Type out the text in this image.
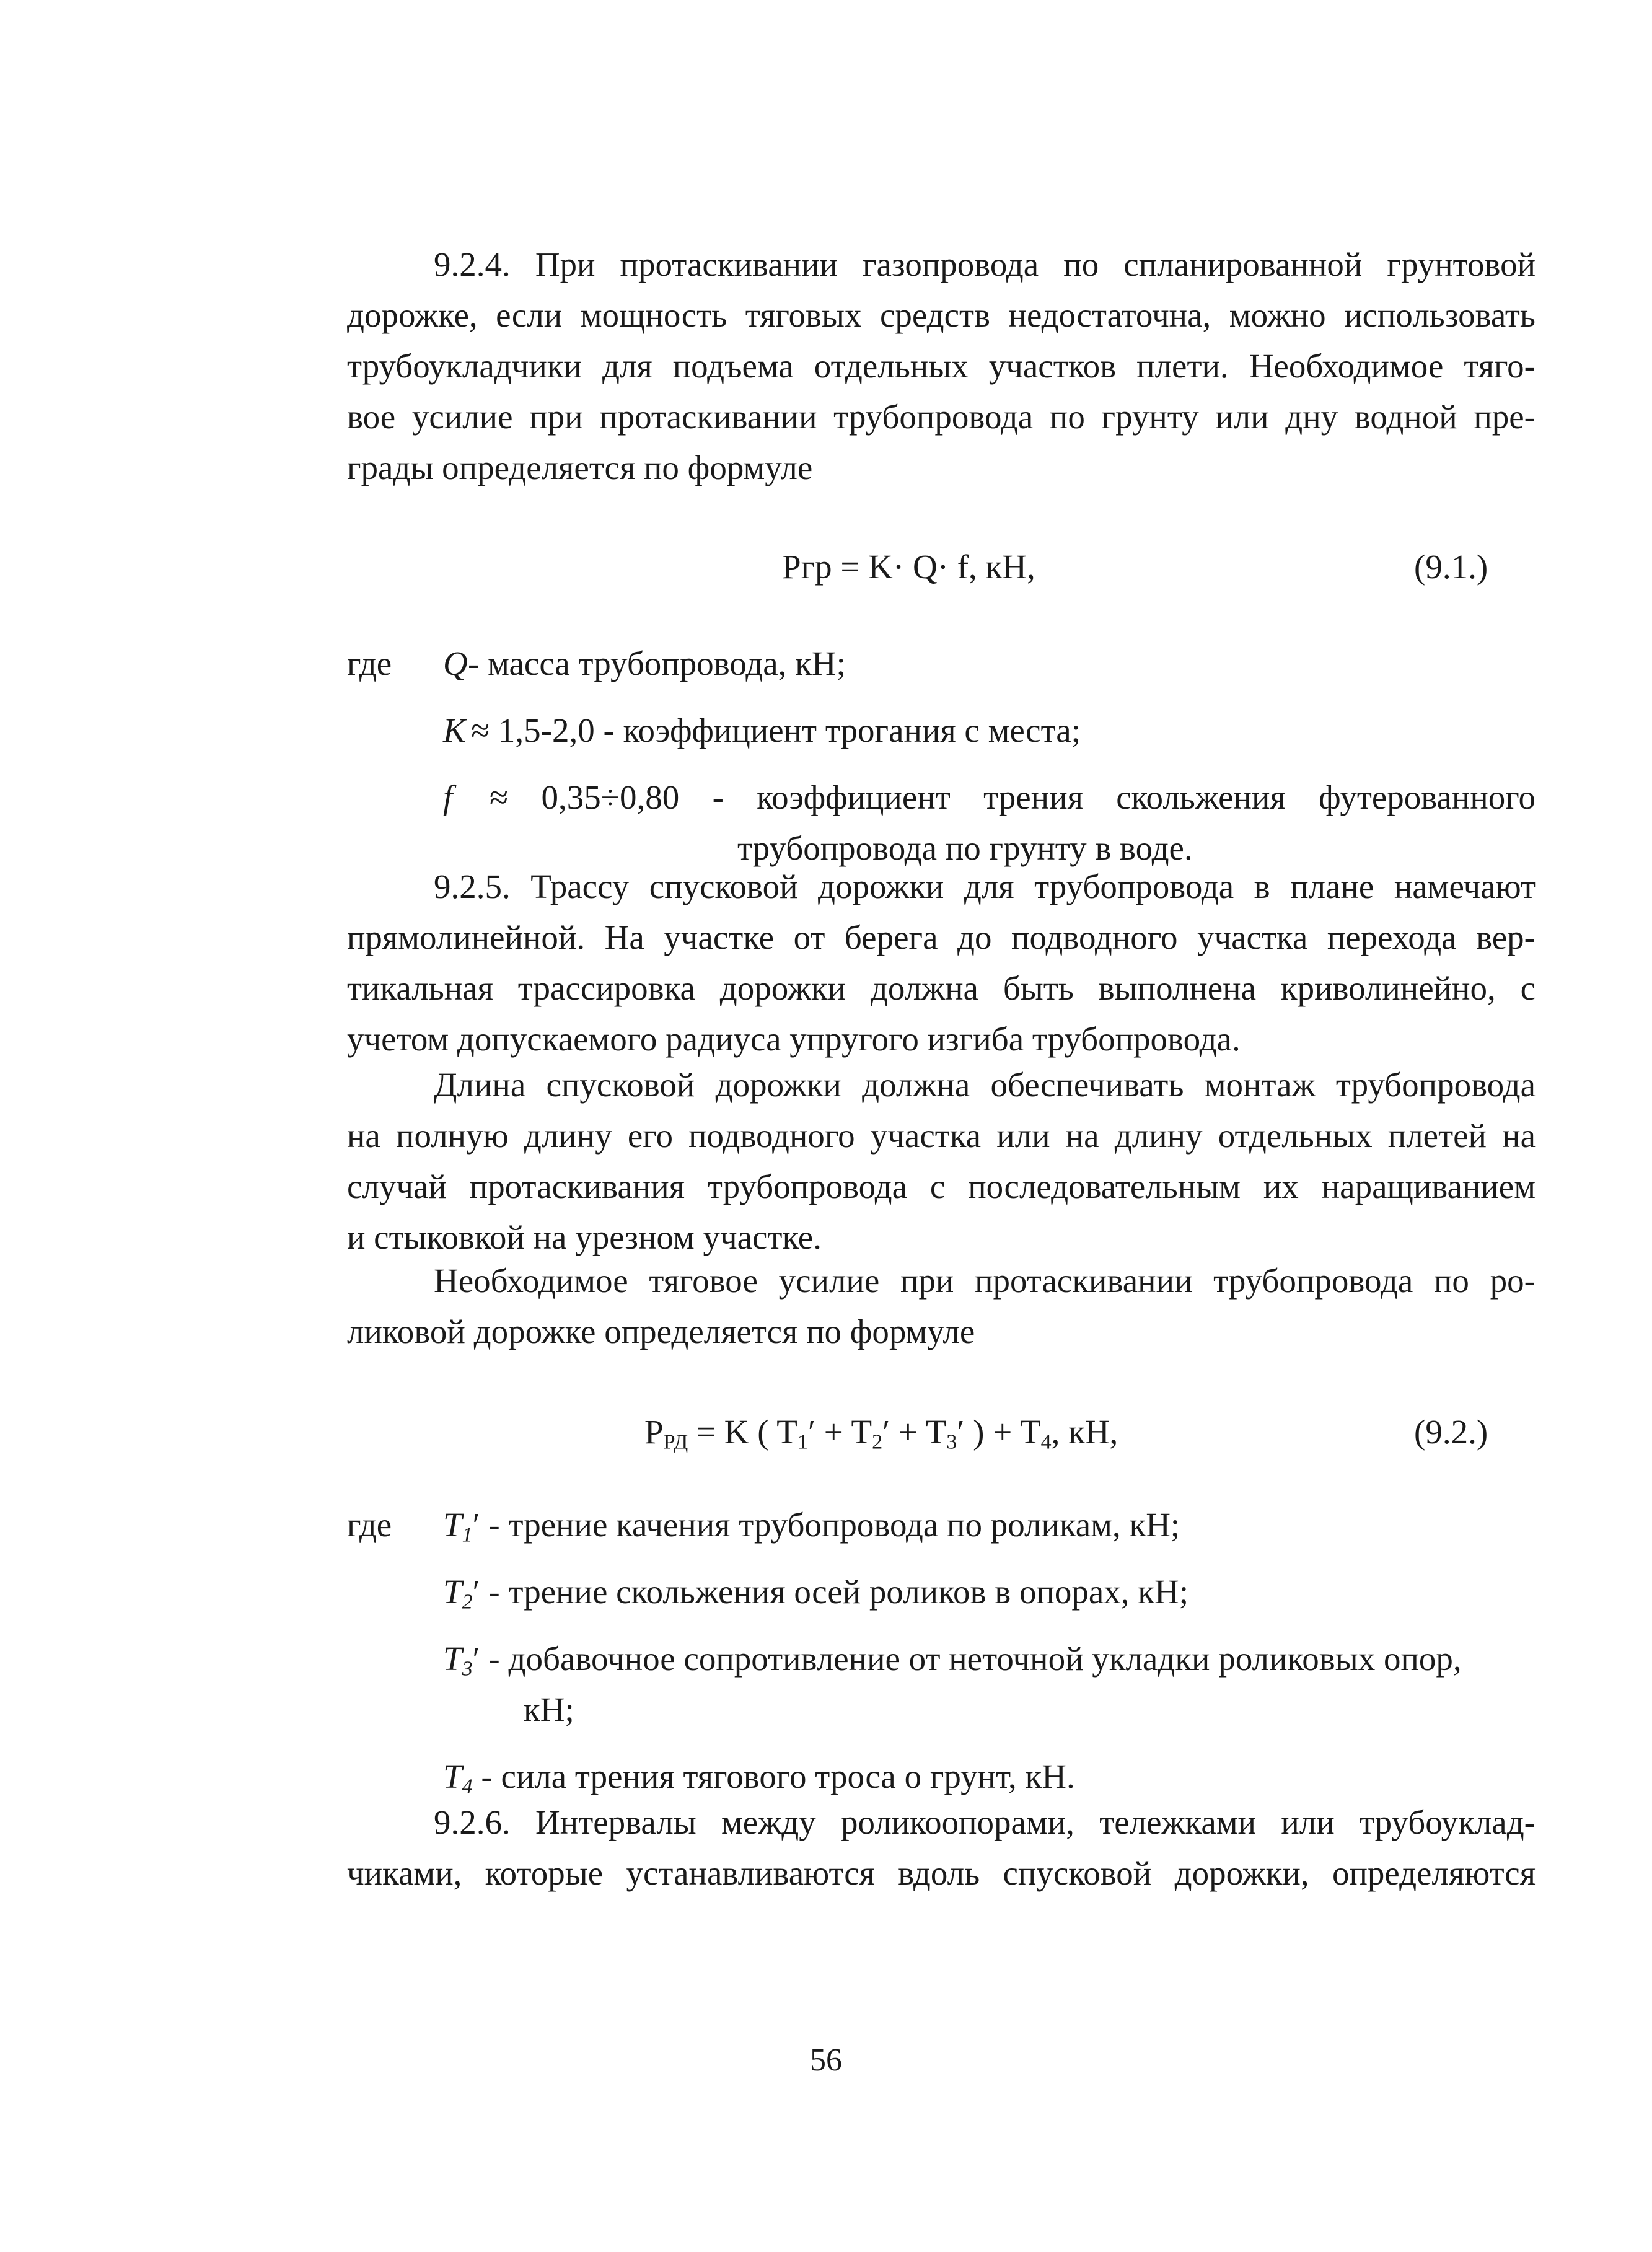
9.2.4. При протаскивании газопровода по спланированной грунтовой
дорожке, если мощность тяговых средств недостаточна, можно использовать
трубоукладчики для подъема отдельных участков плети. Необходимое тяго-
вое усилие при протаскивании трубопровода по грунту или дну водной пре-
грады определяется по формуле
Ргр = K· Q· f, кН,	(9.1.)
где Q - масса трубопровода, кН;
K ≈ 1,5-2,0 - коэффициент трогания с места;
f ≈ 0,35÷0,80 - коэффициент трения скольжения футерованного
трубопровода по грунту в воде.
9.2.5. Трассу спусковой дорожки для трубопровода в плане намечают
прямолинейной. На участке от берега до подводного участка перехода вер-
тикальная трассировка дорожки должна быть выполнена криволинейно, с
учетом допускаемого радиуса упругого изгиба трубопровода.
Длина спусковой дорожки должна обеспечивать монтаж трубопровода
на полную длину его подводного участка или на длину отдельных плетей на
случай протаскивания трубопровода с последовательным их наращиванием
и стыковкой на урезном участке.
Необходимое тяговое усилие при протаскивании трубопровода по ро-
ликовой дорожке определяется по формуле
$P_{РД} = K$ ( $T_1' + T_2' + T_3'$ ) + $T_4$, кН,	(9.2.)
где $T_1'$ - трение качения трубопровода по роликам, кН;
$T_2'$ - трение скольжения осей роликов в опорах, кН;
$T_3'$ - добавочное сопротивление от неточной укладки роликовых опор,
кН;
$T_4$ - сила трения тягового троса о грунт, кН.
9.2.6. Интервалы между роликоопорами, тележками или трубоуклад-
чиками, которые устанавливаются вдоль спусковой дорожки, определяются
56
